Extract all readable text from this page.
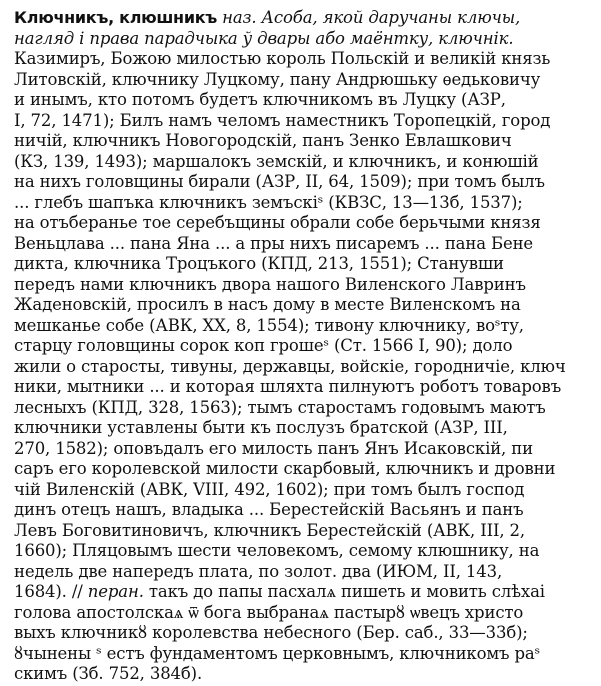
Ключникъ, клюшникъ наз. Асоба, якой даручаны ключы,
нагляд і права парадчыка ў двары або маёнтку, ключнік.
Казимиръ, Божою милостью король Польскiй и великiй князь
Литовскiй, ключнику Луцкому, пану Андрюшьку ѳедьковичу
и инымъ, кто потомъ будетъ ключникомъ въ Луцку (АЗР,
I, 72, 1471); Билъ намъ челомъ наместникъ Торопецкiй, город
ничiй, ключникъ Новогородскiй, панъ Зенко Евлашкович
(КЗ, 139, 1493); маршалокъ земскiй, и ключникъ, и конюшiй
на нихъ головщины бирали (АЗР, II, 64, 1509); при томъ былъ
... глебъ шапъка ключникъ земъскiˢ (КВЗС, 13—13б, 1537);
на отъберанье тое серебъщины обрали собе берьчыми князя
Веньцлава ... пана Яна ... а пры нихъ писаремъ ... пана Бене
дикта, ключника Троцъкого (КПД, 213, 1551); Станувши
передъ нами ключникъ двора нашого Виленского Лавринъ
Жаденовскiй, просилъ в насъ дому в месте Виленскомъ на
мешканье собе (АВК, XX, 8, 1554); тивону ключнику, воˢту,
старцу головщины сорок коп грошеˢ (Ст. 1566 I, 90); доло
жили о старосты, тивуны, державцы, войскiе, городничiе, ключ
ники, мытники ... и которая шляхта пилнуютъ роботъ товаровъ
лесныхъ (КПД, 328, 1563); тымъ старостамъ годовымъ маютъ
ключники уставлены быти къ послузъ братской (АЗР, III,
270, 1582); оповъдалъ его милость панъ Янъ Исаковскiй, пи
саръ его королевской милости скарбовый, ключникъ и дровни
чiй Виленскiй (АВК, VIII, 492, 1602); при томъ былъ господ
динъ отецъ нашъ, владыка ... Берестейскiй Васьянъ и панъ
Левъ Боговитиновичъ, ключникъ Берестейскiй (АВК, III, 2,
1660); Пляцовымъ шести человекомъ, семому клюшнику, на
недель две напередъ плата, по золот. два (ИЮМ, II, 143,
1684). // перан. такъ до папы пасхалѧ пишеть и мовить слѣхаi
голова апостолскаѧ ѿ бога выбранаѧ пастырȣ ѡвецъ христо
выхъ ключникȣ королевства небесного (Бер. саб., 33—33б);
ȣчынены ˢ естъ фундаментомъ церковнымъ, ключникомъ раˢ
скимъ (Зб. 752, 384б).
